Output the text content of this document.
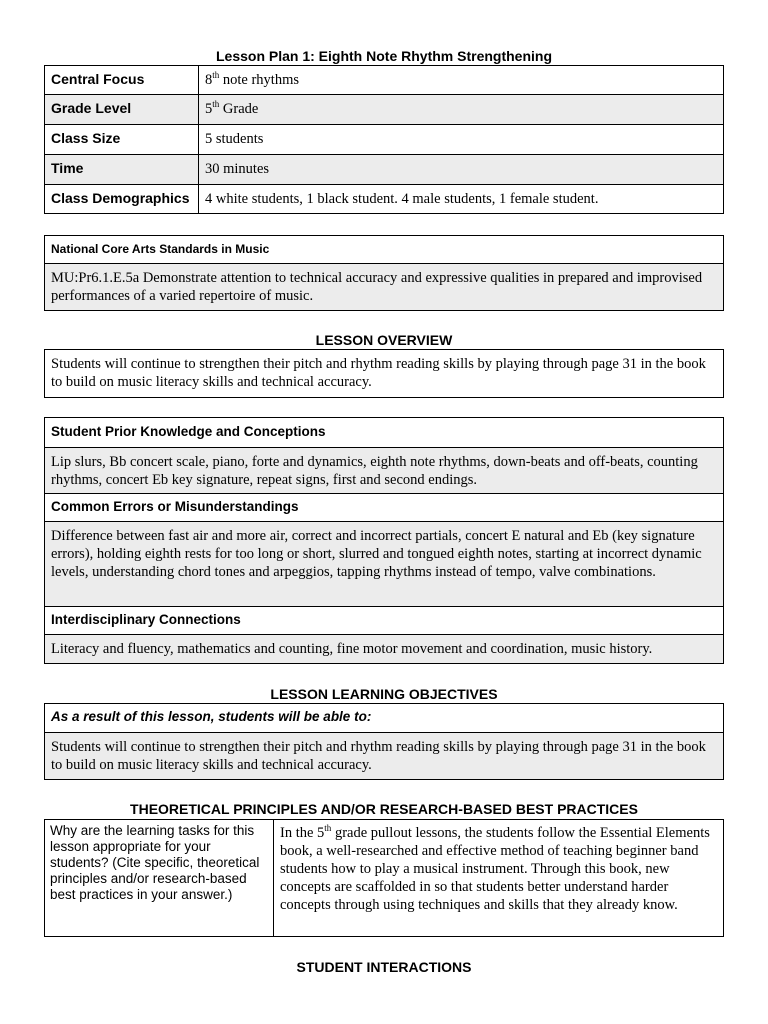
Lesson Plan 1: Eighth Note Rhythm Strengthening
Central Focus	8th note rhythms
Grade Level	5th Grade
Class Size	5 students
Time	30 minutes
Class Demographics	4 white students, 1 black student. 4 male students, 1 female student.
National Core Arts Standards in Music
MU:Pr6.1.E.5a Demonstrate attention to technical accuracy and expressive qualities in prepared and improvised performances of a varied repertoire of music.
LESSON OVERVIEW
Students will continue to strengthen their pitch and rhythm reading skills by playing through page 31 in the book to build on music literacy skills and technical accuracy.
Student Prior Knowledge and Conceptions
Lip slurs, Bb concert scale, piano, forte and dynamics, eighth note rhythms, down-beats and off-beats, counting rhythms, concert Eb key signature, repeat signs, first and second endings.
Common Errors or Misunderstandings
Difference between fast air and more air, correct and incorrect partials, concert E natural and Eb (key signature errors), holding eighth rests for too long or short, slurred and tongued eighth notes, starting at incorrect dynamic levels, understanding chord tones and arpeggios, tapping rhythms instead of tempo, valve combinations.
Interdisciplinary Connections
Literacy and fluency, mathematics and counting, fine motor movement and coordination, music history.
LESSON LEARNING OBJECTIVES
As a result of this lesson, students will be able to:
Students will continue to strengthen their pitch and rhythm reading skills by playing through page 31 in the book to build on music literacy skills and technical accuracy.
THEORETICAL PRINCIPLES AND/OR RESEARCH-BASED BEST PRACTICES
Why are the learning tasks for this lesson appropriate for your students? (Cite specific, theoretical principles and/or research-based best practices in your answer.)	In the 5th grade pullout lessons, the students follow the Essential Elements book, a well-researched and effective method of teaching beginner band students how to play a musical instrument. Through this book, new concepts are scaffolded in so that students better understand harder concepts through using techniques and skills that they already know.
STUDENT INTERACTIONS
